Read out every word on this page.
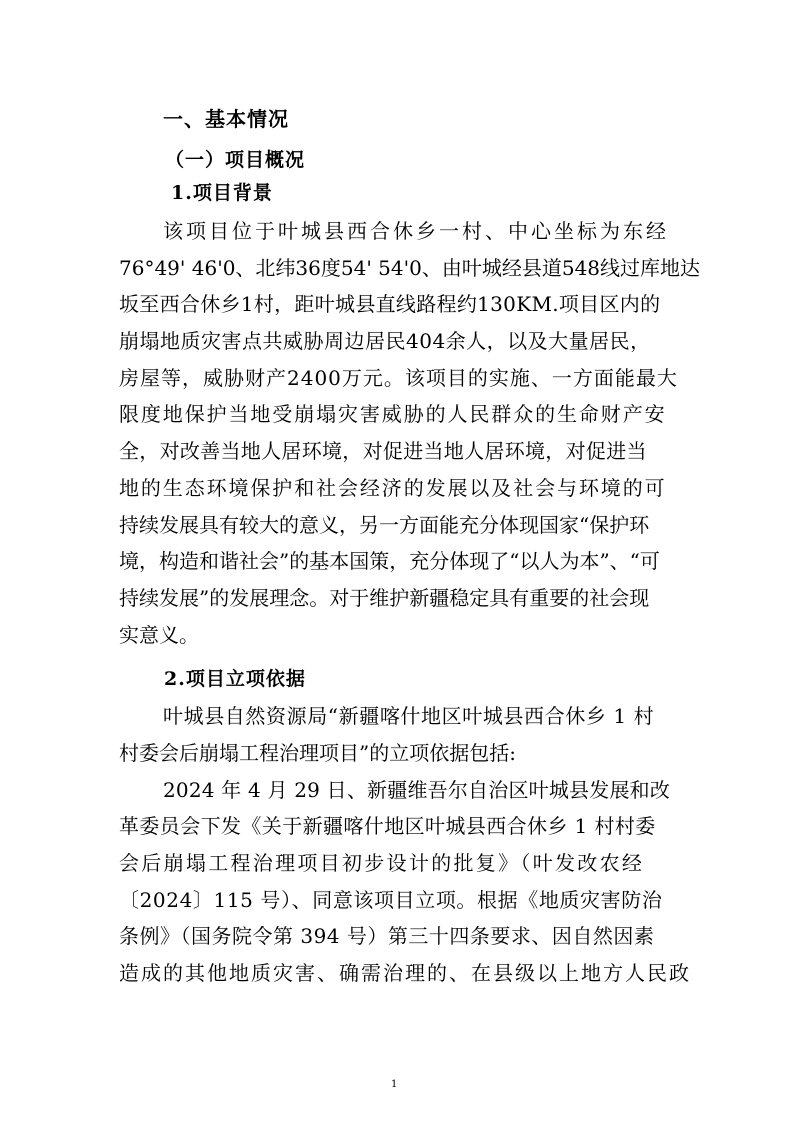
一、基本情况
（一）项目概况
1.项目背景
该项目位于叶城县西合休乡一村、中心坐标为东经
76°49' 46'0、北纬36度54' 54'0、由叶城经县道548线过库地达
坂至西合休乡1村，距叶城县直线路程约130KM.项目区内的
崩塌地质灾害点共威胁周边居民404余人，以及大量居民，
房屋等，威胁财产2400万元。该项目的实施、一方面能最大
限度地保护当地受崩塌灾害威胁的人民群众的生命财产安
全，对改善当地人居环境，对促进当地人居环境，对促进当
地的生态环境保护和社会经济的发展以及社会与环境的可
持续发展具有较大的意义，另一方面能充分体现国家“保护环
境，构造和谐社会”的基本国策，充分体现了“以人为本”、“可
持续发展”的发展理念。对于维护新疆稳定具有重要的社会现
实意义。
2.项目立项依据
叶城县自然资源局“新疆喀什地区叶城县西合休乡 1 村
村委会后崩塌工程治理项目”的立项依据包括:
2024 年 4 月 29 日、新疆维吾尔自治区叶城县发展和改
革委员会下发《关于新疆喀什地区叶城县西合休乡 1 村村委
会后崩塌工程治理项目初步设计的批复》（叶发改农经
〔2024〕115 号）、同意该项目立项。根据《地质灾害防治
条例》（国务院令第 394 号）第三十四条要求、因自然因素
造成的其他地质灾害、确需治理的、在县级以上地方人民政
1
